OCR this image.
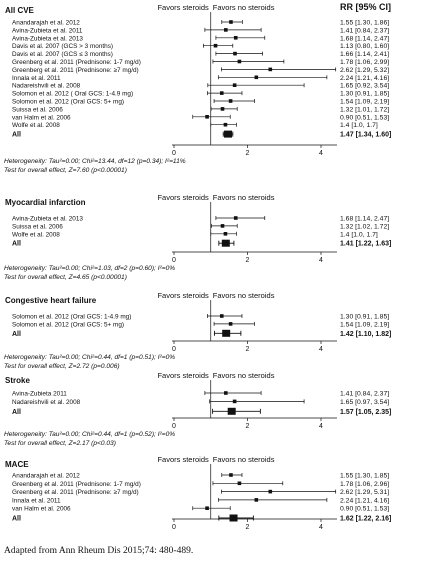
RR [95% CI]
All CVE	Favors steroids Favors no steroids
Anandarajah et al. 2012	1.55 [1.30, 1.86]
Avina-Zubieta et al. 2011	1.41 [0.84, 2.37]
Avina-Zubieta et al. 2013	1.68 [1.14, 2.47]
Davis et al. 2007 (GCS > 3 months)	1.13 [0.80, 1.60]
Davis et al. 2007 (GCS ≤ 3 months)	1.66 [1.14, 2.41]
Greenberg et al. 2011 (Prednisone: 1-7 mg/d)	1.78 [1.06, 2.99]
Greenberg et al. 2011 (Prednisone: ≥7 mg/d)	2.62 [1.29, 5.32]
Innala et al. 2011	2.24 [1.21, 4.16]
Nadareishvili et al. 2008	1.65 [0.92, 3.54]
Solomon et al. 2012 ( Oral GCS: 1-4.9 mg)	1.30 [0.91, 1.85]
Solomon et al. 2012 (Oral GCS: 5+ mg)	1.54 [1.09, 2.19]
Suissa et al. 2006	1.32 [1.01, 1.72]
van Halm et al. 2006	0.90 [0.51, 1.53]
Wolfe et al. 2008	1.4 [1.0, 1.7]
All	1.47 [1.34, 1.60]
0	2	4
Heterogeneity: Tau²=0.00; Chi²=13.44, df=12 (p=0.34); I²=11%
Test for overall effect, Z=7.60 (p<0.00001)
Myocardial infarction
Favors steroids Favors no steroids
Avina-Zubieta et al. 2013	1.68 [1.14, 2.47]
Suissa et al. 2006	1.32 [1.02, 1.72]
Wolfe et al. 2008	1.4 [1.0, 1.7]
All	1.41 [1.22, 1.63]
0	2	4
Heterogeneity: Tau²=0.00; Chi²=1.03, df=2 (p=0.60); I²=0%
Test for overall effect, Z=4.65 (p<0.00001)
Congestive heart failure
Favors steroids Favors no steroids
Solomon et al. 2012 (Oral GCS: 1-4.9 mg)	1.30 [0.91, 1.85]
Solomon et al. 2012 (Oral GCS: 5+ mg)	1.54 [1.09, 2.19]
All	1.42 [1.10, 1.82]
0	2	4
Heterogeneity: Tau²=0.00; Chi²=0.44, df=1 (p=0.51); I²=0%
Test for overall effect, Z=2.72 (p=0.006)
Stroke
Favors steroids Favors no steroids
Avina-Zubieta 2011	1.41 [0.84, 2.37]
Nadareishvili et al. 2008	1.65 [0.97, 3.54]
All	1.57 [1.05, 2.35]
0	2	4
Heterogeneity: Tau²=0.00; Chi²=0.44, df=1 (p=0.52); I²=0%
Test for overall effect, Z=2.17 (p<0.03)
MACE
Favors steroids Favors no steroids
Anandarajah et al. 2012	1.55 [1.30, 1.85]
Greenberg et al. 2011 (Prednisone: 1-7 mg/d)	1.78 [1.06, 2.96]
Greenberg et al. 2011 (Prednisone: ≥7 mg/d)	2.62 [1.29, 5.31]
Innala et al. 2011	2.24 [1.21, 4.16]
van Halm et al. 2006	0.90 [0.51, 1.53]
All	1.62 [1.22, 2.16]
0	2	4
Adapted from Ann Rheum Dis 2015;74: 480-489.
